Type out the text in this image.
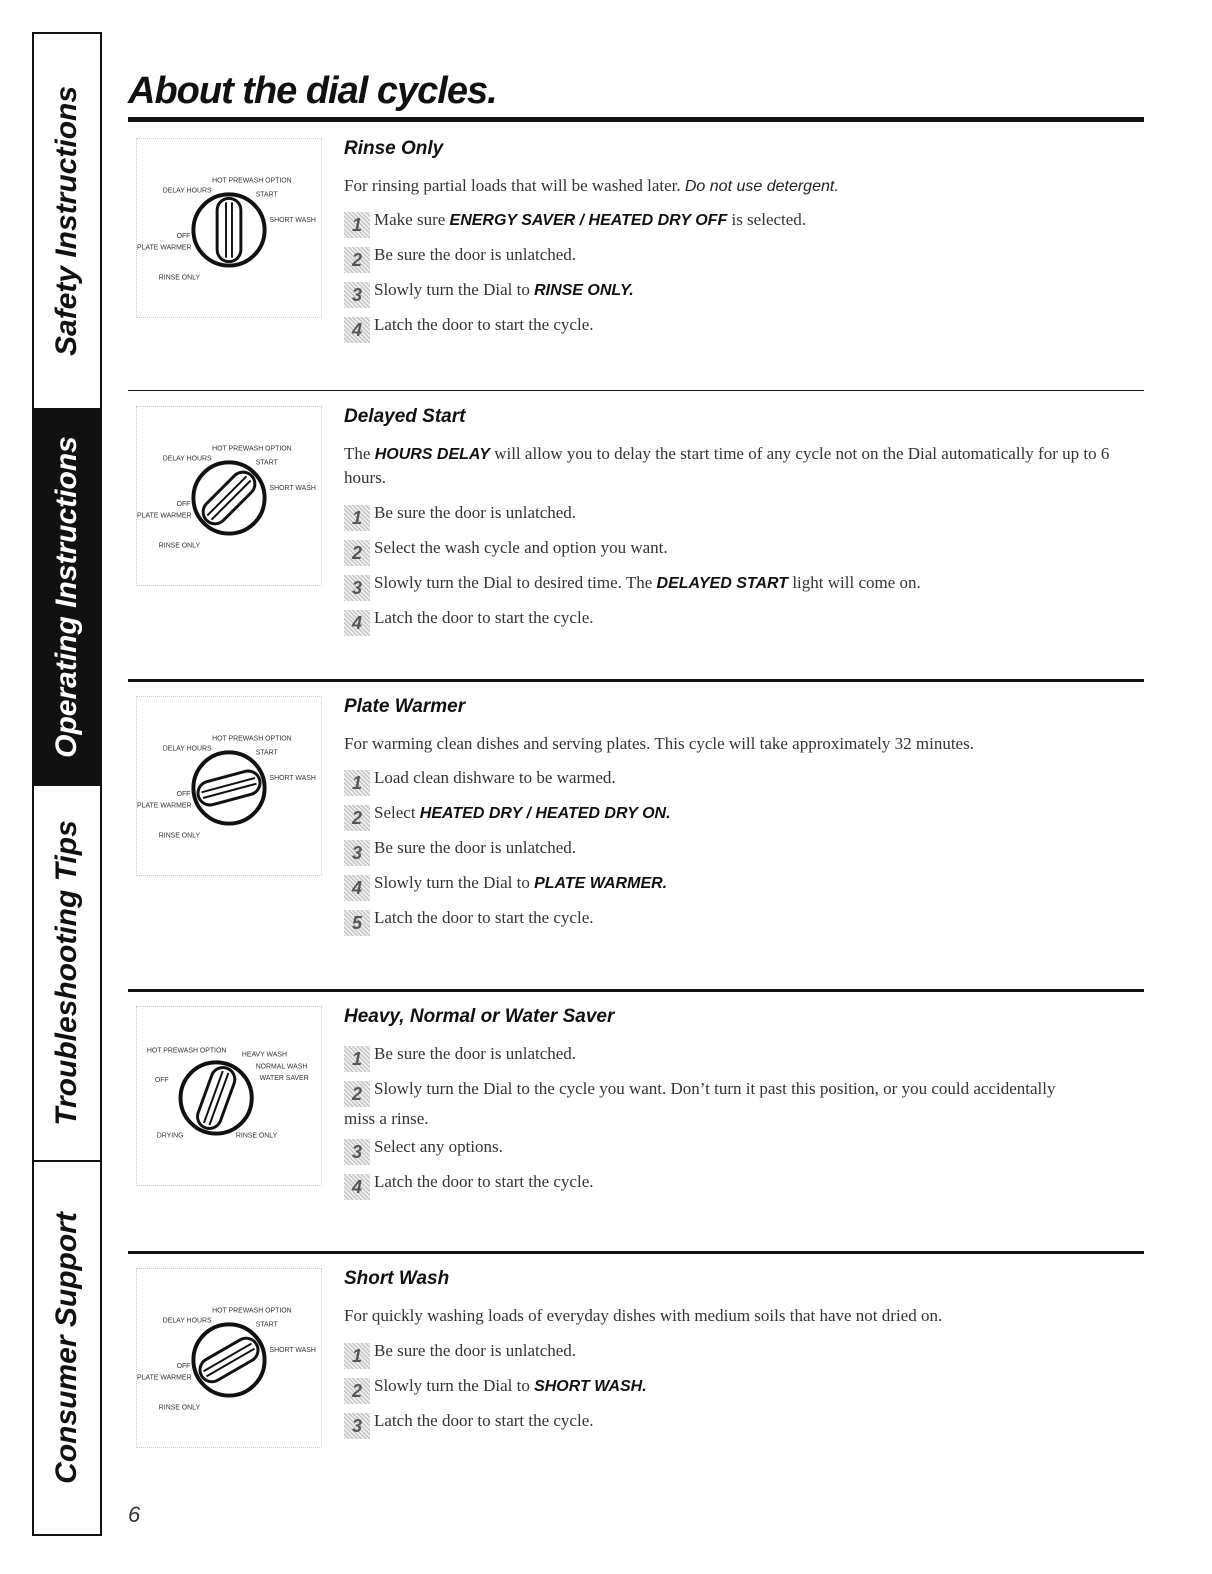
Safety Instructions
Operating Instructions
Troubleshooting Tips
Consumer Support
About the dial cycles.
HOT PREWASH OPTION
START
DELAY HOURS
SHORT WASH
OFF
PLATE WARMER
RINSE ONLY
Rinse Only

For rinsing partial loads that will be washed later. Do not use detergent.

1 Make sure ENERGY SAVER / HEATED DRY OFF is selected.
2 Be sure the door is unlatched.
3 Slowly turn the Dial to RINSE ONLY.
4 Latch the door to start the cycle.
HOT PREWASH OPTION
START
DELAY HOURS
SHORT WASH
OFF
PLATE WARMER
RINSE ONLY
Delayed Start

The HOURS DELAY will allow you to delay the start time of any cycle not on the Dial automatically for up to 6 hours.

1 Be sure the door is unlatched.
2 Select the wash cycle and option you want.
3 Slowly turn the Dial to desired time. The DELAYED START light will come on.
4 Latch the door to start the cycle.
HOT PREWASH OPTION
START
DELAY HOURS
SHORT WASH
OFF
PLATE WARMER
RINSE ONLY
Plate Warmer

For warming clean dishes and serving plates. This cycle will take approximately 32 minutes.

1 Load clean dishware to be warmed.
2 Select HEATED DRY / HEATED DRY ON.
3 Be sure the door is unlatched.
4 Slowly turn the Dial to PLATE WARMER.
5 Latch the door to start the cycle.
HOT PREWASH OPTION
HEAVY WASH
NORMAL WASH
WATER SAVER
OFF
DRYING	RINSE ONLY
Heavy, Normal or Water Saver
1 Be sure the door is unlatched.
2 Slowly turn the Dial to the cycle you want. Don’t turn it past this position, or you could accidentally miss a rinse.
3 Select any options.
4 Latch the door to start the cycle.
HOT PREWASH OPTION
START
DELAY HOURS
SHORT WASH
OFF
PLATE WARMER
RINSE ONLY
Short Wash

For quickly washing loads of everyday dishes with medium soils that have not dried on.

1 Be sure the door is unlatched.
2 Slowly turn the Dial to SHORT WASH.
3 Latch the door to start the cycle.
6
